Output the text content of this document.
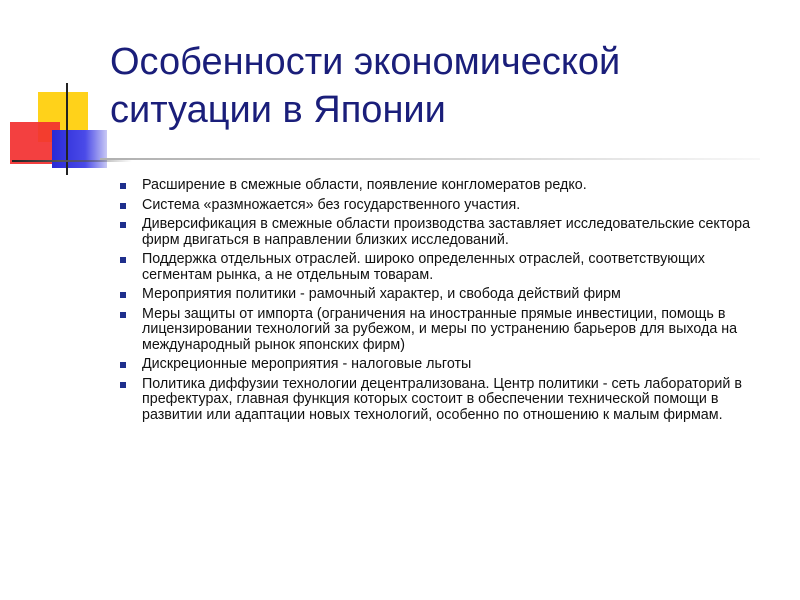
Особенности экономической ситуации в Японии
Расширение в смежные области, появление конгломератов редко.
Система «размножается» без государственного участия.
Диверсификация в смежные области производства заставляет исследовательские сектора фирм двигаться в направлении близких исследований.
Поддержка отдельных отраслей. широко определенных отраслей, соответствующих сегментам рынка, а не отдельным товарам.
Мероприятия политики - рамочный характер, и свобода действий фирм
Меры защиты от импорта (ограничения на иностранные прямые инвестиции, помощь в лицензировании технологий за рубежом, и меры по устранению барьеров для выхода на международный рынок японских фирм)
Дискреционные мероприятия - налоговые льготы
Политика диффузии технологии децентрализована. Центр политики - сеть лабораторий в префектурах, главная функция которых состоит в обеспечении технической помощи в развитии или адаптации новых технологий, особенно по отношению к малым фирмам.
